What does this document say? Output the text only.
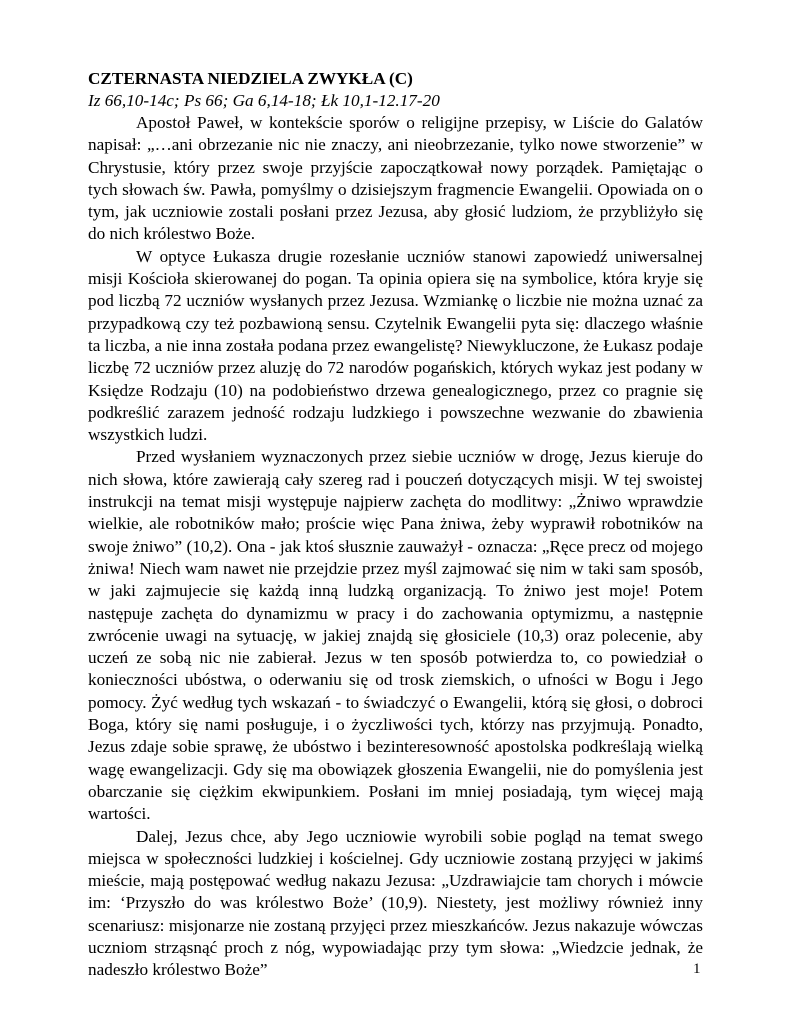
CZTERNASTA NIEDZIELA ZWYKŁA (C)

Iz 66,10-14c; Ps 66; Ga 6,14-18; Łk 10,1-12.17-20

Apostoł Paweł, w kontekście sporów o religijne przepisy, w Liście do Galatów napisał: „…ani obrzezanie nic nie znaczy, ani nieobrzezanie, tylko nowe stworzenie” w Chrystusie, który przez swoje przyjście zapoczątkował nowy porządek. Pamiętając o tych słowach św. Pawła, pomyślmy o dzisiejszym fragmencie Ewangelii. Opowiada on o tym, jak uczniowie zostali posłani przez Jezusa, aby głosić ludziom, że przybliżyło się do nich królestwo Boże.

W optyce Łukasza drugie rozesłanie uczniów stanowi zapowiedź uniwersalnej misji Kościoła skierowanej do pogan. Ta opinia opiera się na symbolice, która kryje się pod liczbą 72 uczniów wysłanych przez Jezusa. Wzmiankę o liczbie nie można uznać za przypadkową czy też pozbawioną sensu. Czytelnik Ewangelii pyta się: dlaczego właśnie ta liczba, a nie inna została podana przez ewangelistę? Niewykluczone, że Łukasz podaje liczbę 72 uczniów przez aluzję do 72 narodów pogańskich, których wykaz jest podany w Księdze Rodzaju (10) na podobieństwo drzewa genealogicznego, przez co pragnie się podkreślić zarazem jedność rodzaju ludzkiego i powszechne wezwanie do zbawienia wszystkich ludzi.

Przed wysłaniem wyznaczonych przez siebie uczniów w drogę, Jezus kieruje do nich słowa, które zawierają cały szereg rad i pouczeń dotyczących misji. W tej swoistej instrukcji na temat misji występuje najpierw zachęta do modlitwy: „Żniwo wprawdzie wielkie, ale robotników mało; proście więc Pana żniwa, żeby wyprawił robotników na swoje żniwo” (10,2). Ona - jak ktoś słusznie zauważył - oznacza: „Ręce precz od mojego żniwa! Niech wam nawet nie przejdzie przez myśl zajmować się nim w taki sam sposób, w jaki zajmujecie się każdą inną ludzką organizacją. To żniwo jest moje! Potem następuje zachęta do dynamizmu w pracy i do zachowania optymizmu, a następnie zwrócenie uwagi na sytuację, w jakiej znajdą się głosiciele (10,3) oraz polecenie, aby uczeń ze sobą nic nie zabierał. Jezus w ten sposób potwierdza to, co powiedział o konieczności ubóstwa, o oderwaniu się od trosk ziemskich, o ufności w Bogu i Jego pomocy. Żyć według tych wskazań - to świadczyć o Ewangelii, którą się głosi, o dobroci Boga, który się nami posługuje, i o życzliwości tych, którzy nas przyjmują. Ponadto, Jezus zdaje sobie sprawę, że ubóstwo i bezinteresowność apostolska podkreślają wielką wagę ewangelizacji. Gdy się ma obowiązek głoszenia Ewangelii, nie do pomyślenia jest obarczanie się ciężkim ekwipunkiem. Posłani im mniej posiadają, tym więcej mają wartości.

Dalej, Jezus chce, aby Jego uczniowie wyrobili sobie pogląd na temat swego miejsca w społeczności ludzkiej i kościelnej. Gdy uczniowie zostaną przyjęci w jakimś mieście, mają postępować według nakazu Jezusa: „Uzdrawiajcie tam chorych i mówcie im: ‘Przyszło do was królestwo Boże’ (10,9). Niestety, jest możliwy również inny scenariusz: misjonarze nie zostaną przyjęci przez mieszkańców. Jezus nakazuje wówczas uczniom strząsnąć proch z nóg, wypowiadając przy tym słowa: „Wiedzcie jednak, że nadeszło królestwo Boże”	1
